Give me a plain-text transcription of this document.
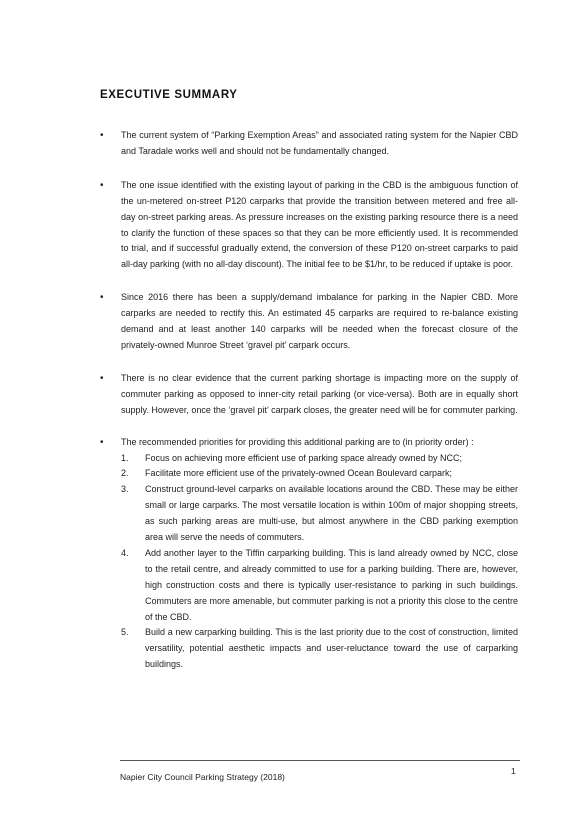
EXECUTIVE SUMMARY
• The current system of “Parking Exemption Areas” and associated rating system for the Napier CBD and Taradale works well and should not be fundamentally changed.
• The one issue identified with the existing layout of parking in the CBD is the ambiguous function of the un-metered on-street P120 carparks that provide the transition between metered and free all-day on-street parking areas. As pressure increases on the existing parking resource there is a need to clarify the function of these spaces so that they can be more efficiently used. It is recommended to trial, and if successful gradually extend, the conversion of these P120 on-street carparks to paid all-day parking (with no all-day discount). The initial fee to be $1/hr, to be reduced if uptake is poor.
• Since 2016 there has been a supply/demand imbalance for parking in the Napier CBD. More carparks are needed to rectify this. An estimated 45 carparks are required to re-balance existing demand and at least another 140 carparks will be needed when the forecast closure of the privately-owned Munroe Street ‘gravel pit’ carpark occurs.
• There is no clear evidence that the current parking shortage is impacting more on the supply of commuter parking as opposed to inner-city retail parking (or vice-versa). Both are in equally short supply. However, once the ‘gravel pit’ carpark closes, the greater need will be for commuter parking.
• The recommended priorities for providing this additional parking are to (in priority order) :
1. Focus on achieving more efficient use of parking space already owned by NCC;
2. Facilitate more efficient use of the privately-owned Ocean Boulevard carpark;
3. Construct ground-level carparks on available locations around the CBD. These may be either small or large carparks. The most versatile location is within 100m of major shopping streets, as such parking areas are multi-use, but almost anywhere in the CBD parking exemption area will serve the needs of commuters.
4. Add another layer to the Tiffin carparking building. This is land already owned by NCC, close to the retail centre, and already committed to use for a parking building. There are, however, high construction costs and there is typically user-resistance to parking in such buildings. Commuters are more amenable, but commuter parking is not a priority this close to the centre of the CBD.
5. Build a new carparking building. This is the last priority due to the cost of construction, limited versatility, potential aesthetic impacts and user-reluctance toward the use of carparking buildings.
Napier City Council Parking Strategy (2018)
1
